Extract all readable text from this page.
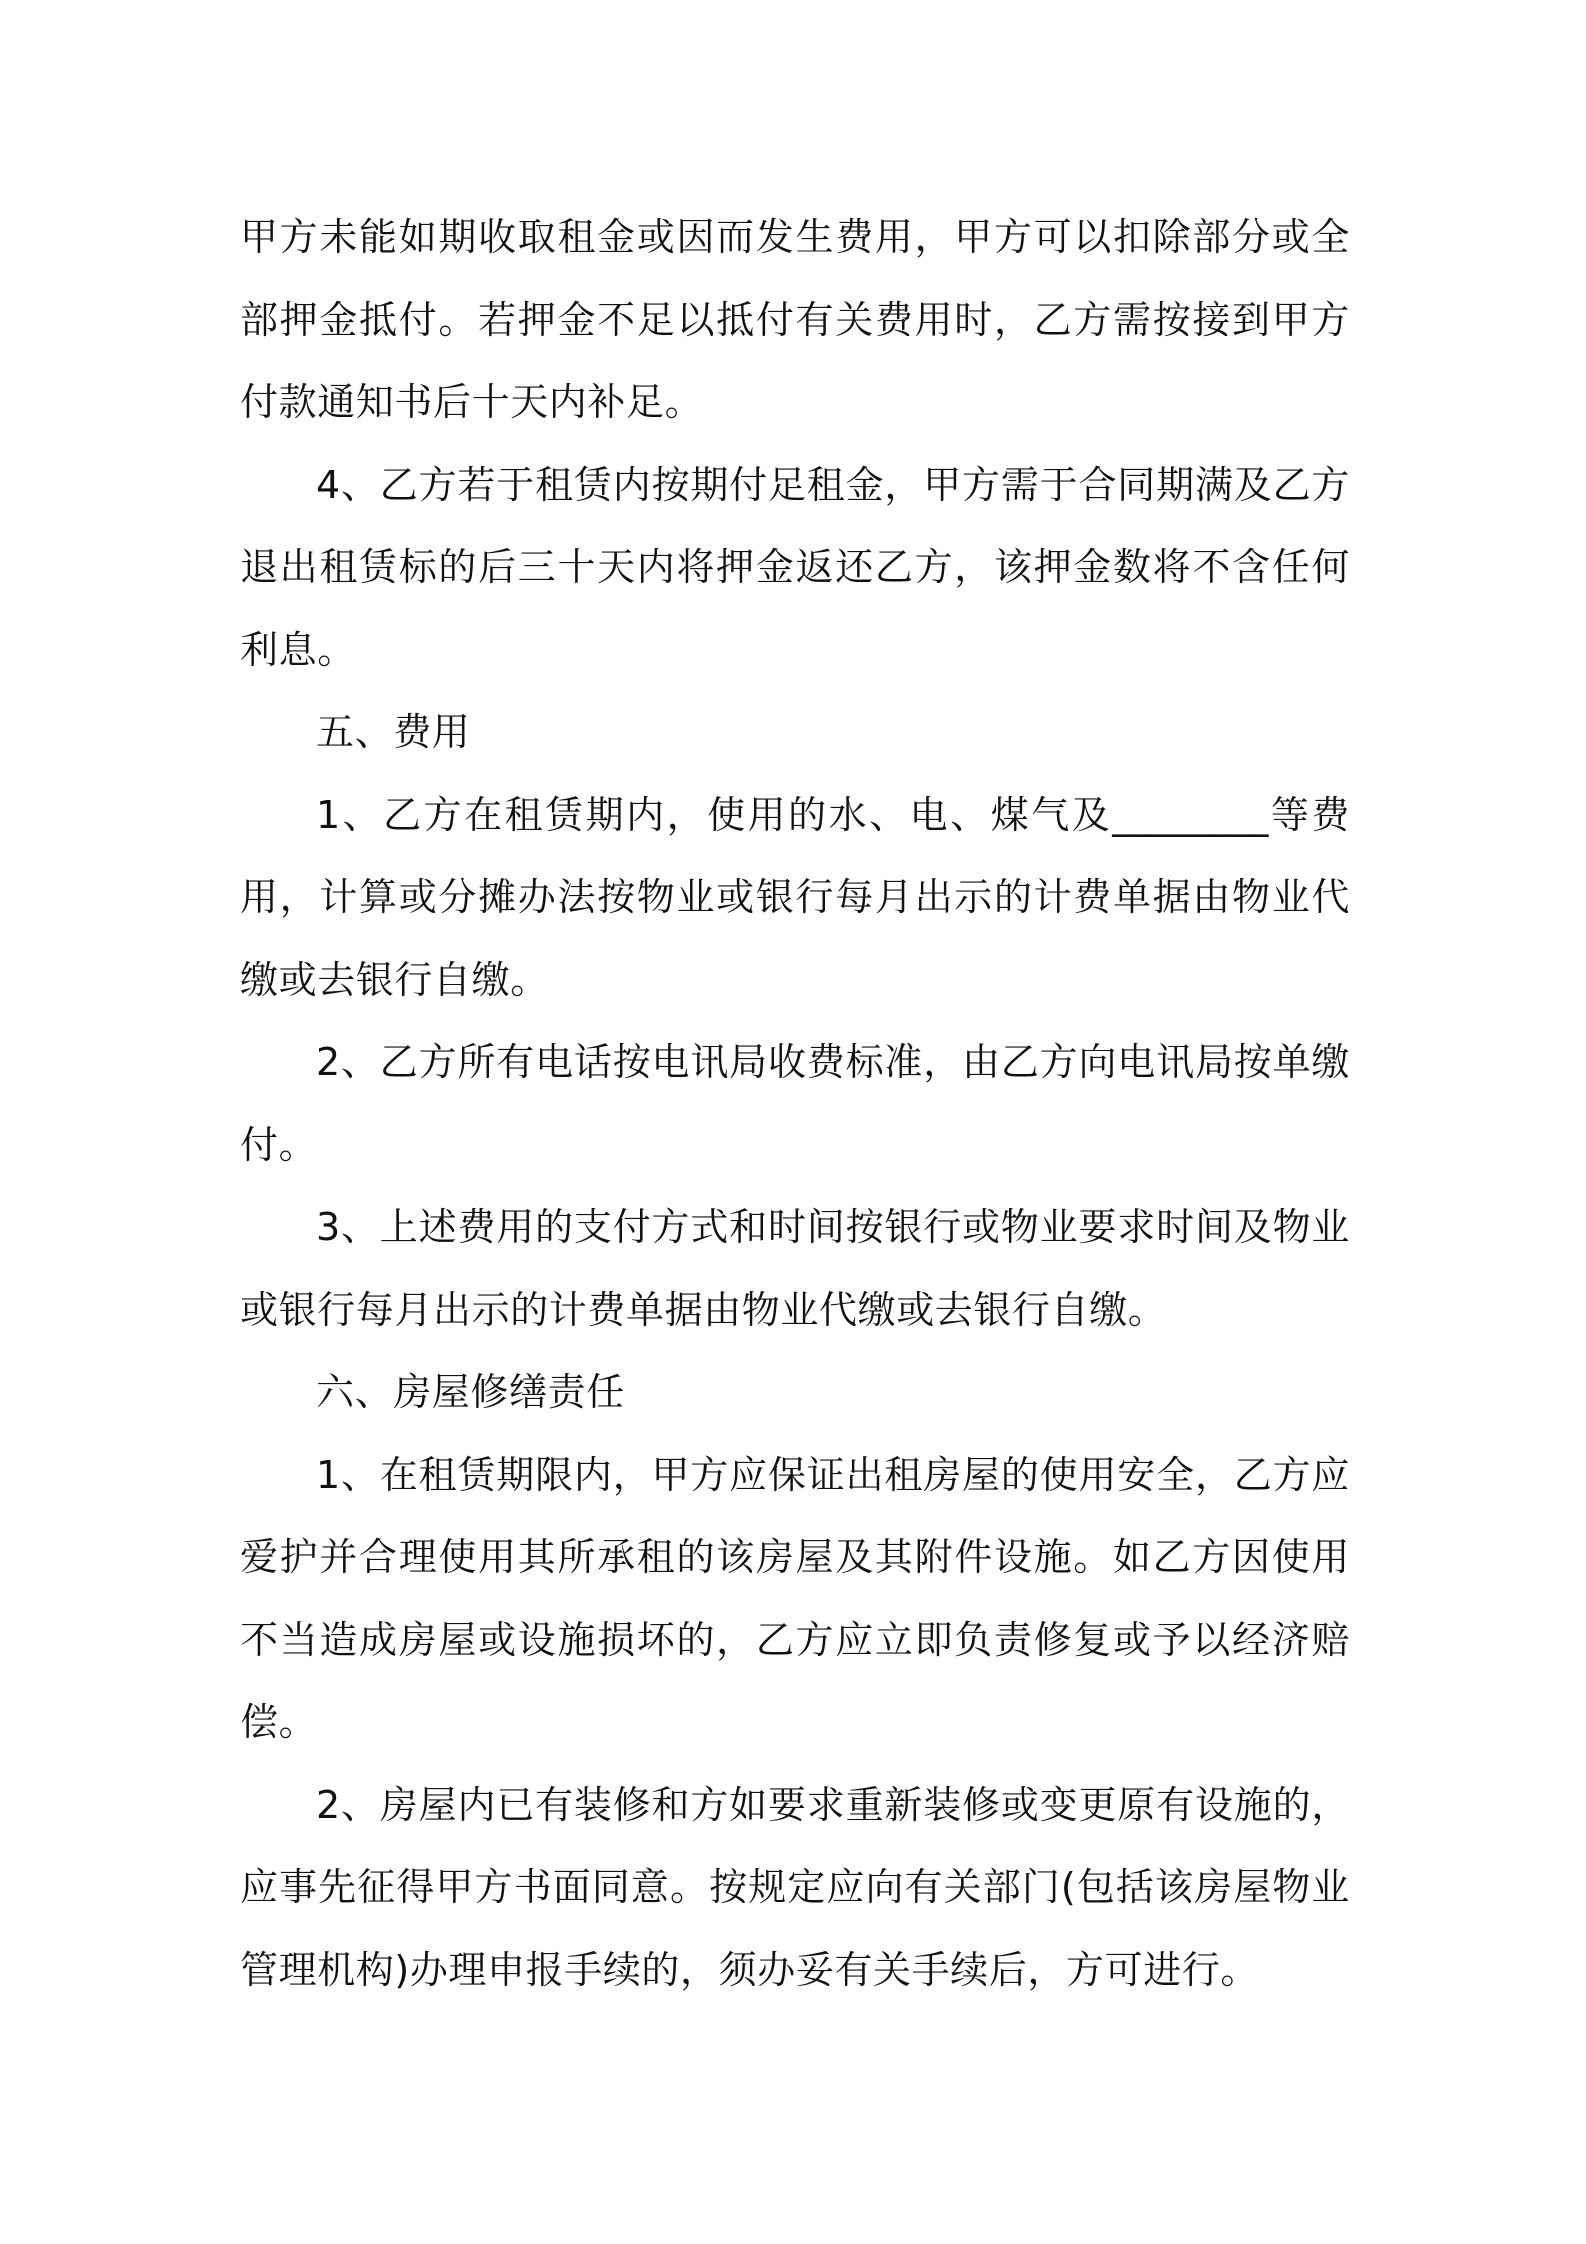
甲方未能如期收取租金或因而发生费用，甲方可以扣除部分或全部押金抵付。若押金不足以抵付有关费用时，乙方需按接到甲方付款通知书后十天内补足。

4、乙方若于租赁内按期付足租金，甲方需于合同期满及乙方退出租赁标的后三十天内将押金返还乙方，该押金数将不含任何利息。

五、费用

1、乙方在租赁期内，使用的水、电、煤气及________等费用，计算或分摊办法按物业或银行每月出示的计费单据由物业代缴或去银行自缴。

2、乙方所有电话按电讯局收费标准，由乙方向电讯局按单缴付。

3、上述费用的支付方式和时间按银行或物业要求时间及物业或银行每月出示的计费单据由物业代缴或去银行自缴。

六、房屋修缮责任

1、在租赁期限内，甲方应保证出租房屋的使用安全，乙方应爱护并合理使用其所承租的该房屋及其附件设施。如乙方因使用不当造成房屋或设施损坏的，乙方应立即负责修复或予以经济赔偿。

2、房屋内已有装修和方如要求重新装修或变更原有设施的，应事先征得甲方书面同意。按规定应向有关部门(包括该房屋物业管理机构)办理申报手续的，须办妥有关手续后，方可进行。
